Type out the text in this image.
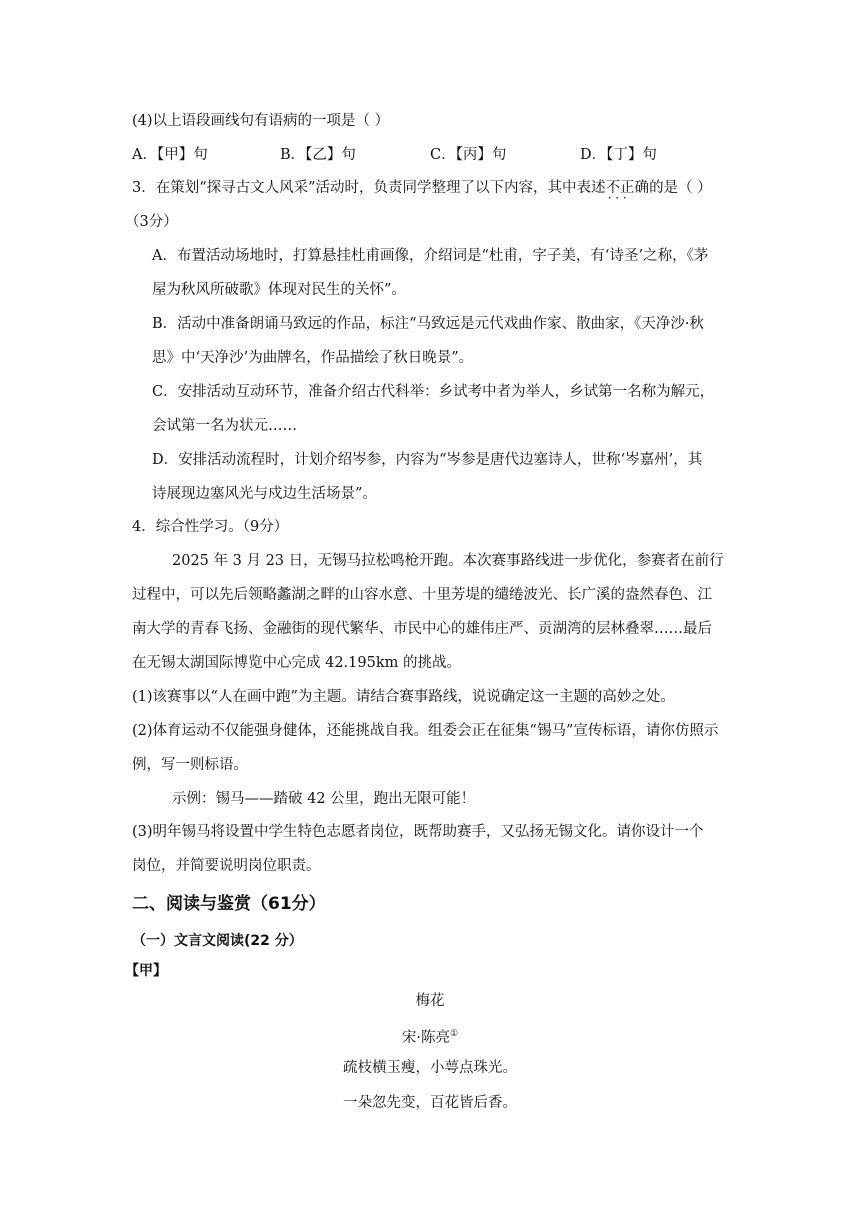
(4)以上语段画线句有语病的一项是（ ）
A．【甲】句	B．【乙】句	C．【丙】句	D．【丁】句
3．在策划“探寻古文人风采”活动时，负责同学整理了以下内容，其中表述不正确 · ·的是（ ）
（3分）
A．布置活动场地时，打算悬挂杜甫画像，介绍词是“杜甫，字子美，有‘诗圣’之称，《茅
屋为秋风所破歌》体现对民生的关怀”。
B．活动中准备朗诵马致远的作品，标注“马致远是元代戏曲作家、散曲家，《天净沙·秋
思》中‘天净沙’为曲牌名，作品描绘了秋日晚景”。
C．安排活动互动环节，准备介绍古代科举：乡试考中者为举人，乡试第一名称为解元，
会试第一名为状元……
D．安排活动流程时，计划介绍岑参，内容为“岑参是唐代边塞诗人，世称‘岑嘉州’，其
诗展现边塞风光与戍边生活场景”。
4．综合性学习。（9分）
2025 年 3 月 23 日，无锡马拉松鸣枪开跑。本次赛事路线进一步优化，参赛者在前行
过程中，可以先后领略蠡湖之畔的山容水意、十里芳堤的缱绻波光、长广溪的盎然春色、江
南大学的青春飞扬、金融街的现代繁华、市民中心的雄伟庄严、贡湖湾的层林叠翠……最后
在无锡太湖国际博览中心完成 42.195km 的挑战。
(1)该赛事以“人在画中跑”为主题。请结合赛事路线，说说确定这一主题的高妙之处。
(2)体育运动不仅能强身健体，还能挑战自我。组委会正在征集“锡马”宣传标语，请你仿照示
例，写一则标语。
示例：锡马——踏破 42 公里，跑出无限可能！
(3)明年锡马将设置中学生特色志愿者岗位，既帮助赛手，又弘扬无锡文化。请你设计一个
岗位，并简要说明岗位职责。
二、阅读与鉴赏（61分）
（一）文言文阅读(22 分）
【甲】
梅花
宋·陈亮①
疏枝横玉瘦，小萼点珠光。
一朵忽先变，百花皆后香。
